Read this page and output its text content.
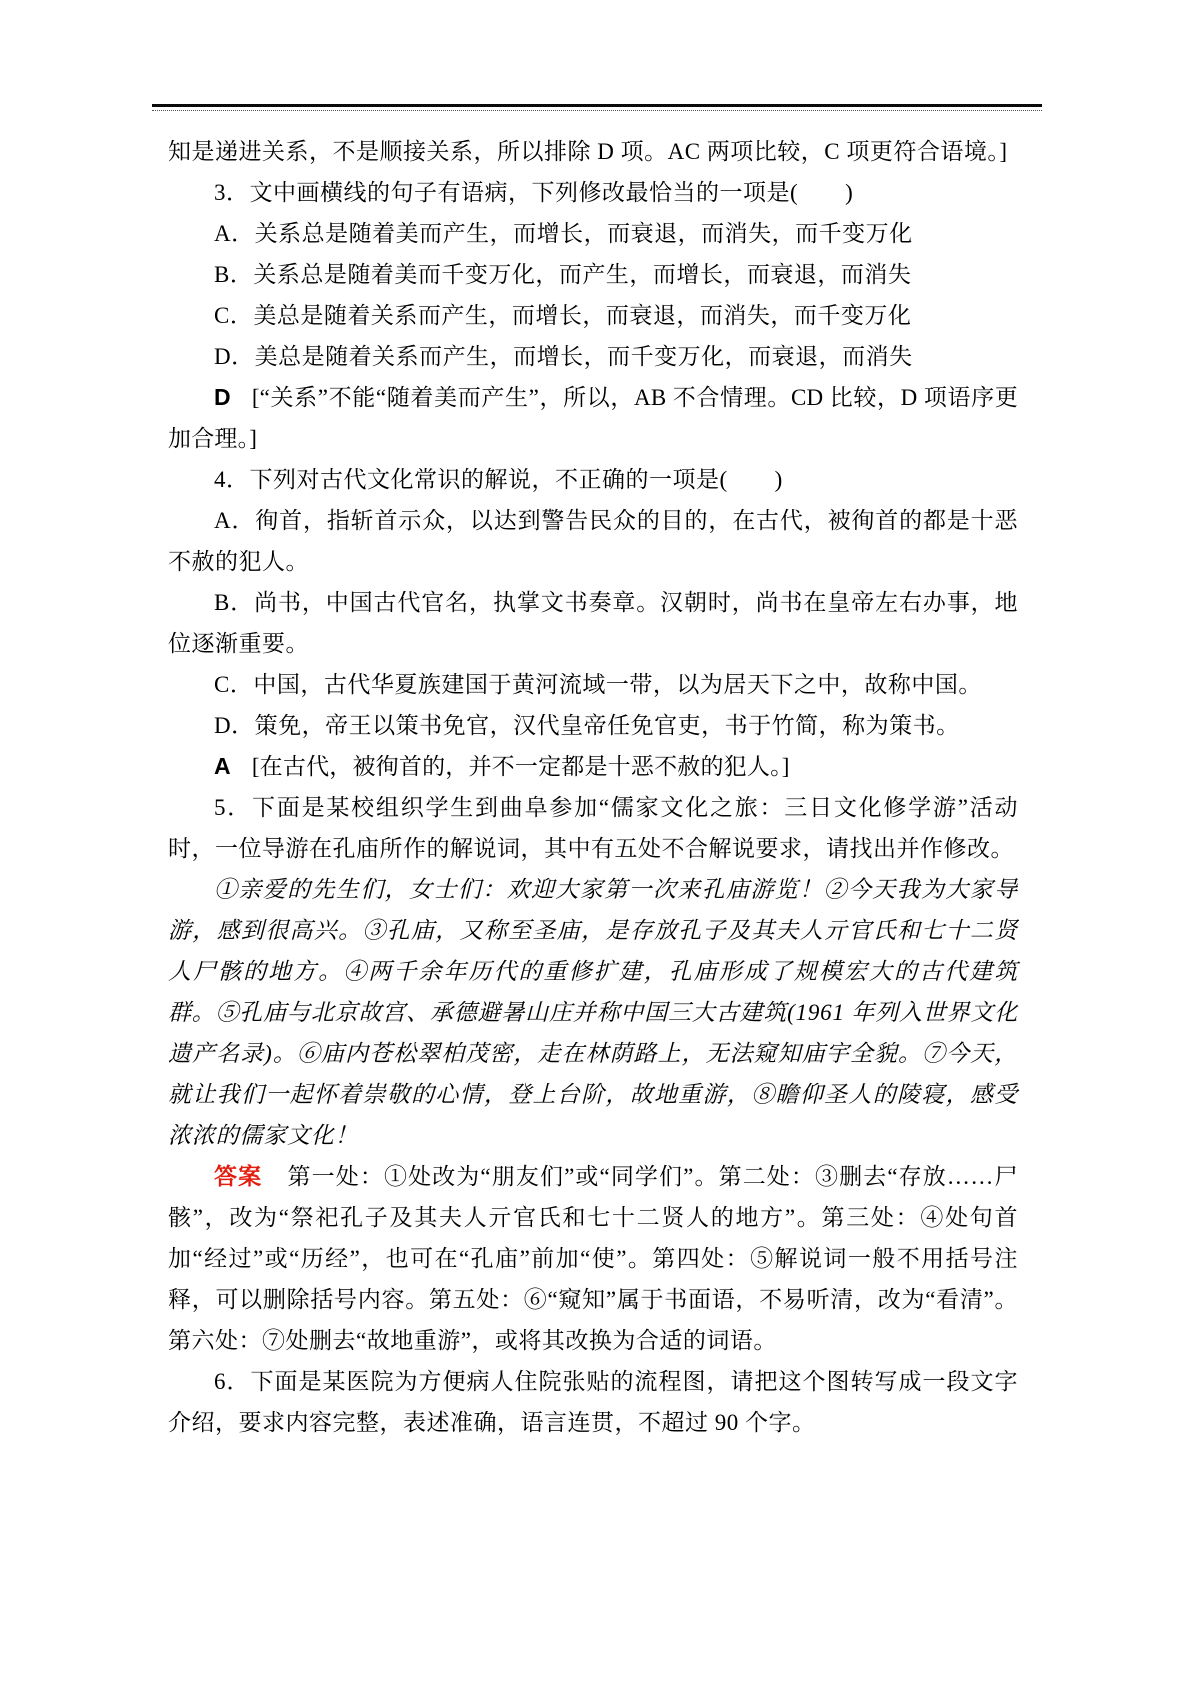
知是递进关系，不是顺接关系，所以排除 D 项。AC 两项比较，C 项更符合语境。]

3．文中画横线的句子有语病，下列修改最恰当的一项是(　　)

A．关系总是随着美而产生，而增长，而衰退，而消失，而千变万化

B．关系总是随着美而千变万化，而产生，而增长，而衰退，而消失

C．美总是随着关系而产生，而增长，而衰退，而消失，而千变万化

D．美总是随着关系而产生，而增长，而千变万化，而衰退，而消失

D [“关系”不能“随着美而产生”，所以，AB 不合情理。CD 比较，D 项语序更加合理。]

4．下列对古代文化常识的解说，不正确的一项是(　　)

A．徇首，指斩首示众，以达到警告民众的目的，在古代，被徇首的都是十恶不赦的犯人。

B．尚书，中国古代官名，执掌文书奏章。汉朝时，尚书在皇帝左右办事，地位逐渐重要。

C．中国，古代华夏族建国于黄河流域一带，以为居天下之中，故称中国。

D．策免，帝王以策书免官，汉代皇帝任免官吏，书于竹简，称为策书。

A [在古代，被徇首的，并不一定都是十恶不赦的犯人。]

5．下面是某校组织学生到曲阜参加“儒家文化之旅：三日文化修学游”活动时，一位导游在孔庙所作的解说词，其中有五处不合解说要求，请找出并作修改。

①亲爱的先生们，女士们：欢迎大家第一次来孔庙游览！②今天我为大家导游，感到很高兴。③孔庙，又称至圣庙，是存放孔子及其夫人亓官氏和七十二贤人尸骸的地方。④两千余年历代的重修扩建，孔庙形成了规模宏大的古代建筑群。⑤孔庙与北京故宫、承德避暑山庄并称中国三大古建筑(1961 年列入世界文化遗产名录)。⑥庙内苍松翠柏茂密，走在林荫路上，无法窥知庙宇全貌。⑦今天，就让我们一起怀着崇敬的心情，登上台阶，故地重游，⑧瞻仰圣人的陵寝，感受浓浓的儒家文化！

答案 第一处：①处改为“朋友们”或“同学们”。第二处：③删去“存放……尸骸”，改为“祭祀孔子及其夫人亓官氏和七十二贤人的地方”。第三处：④处句首加“经过”或“历经”，也可在“孔庙”前加“使”。第四处：⑤解说词一般不用括号注释，可以删除括号内容。第五处：⑥“窥知”属于书面语，不易听清，改为“看清”。第六处：⑦处删去“故地重游”，或将其改换为合适的词语。

6．下面是某医院为方便病人住院张贴的流程图，请把这个图转写成一段文字介绍，要求内容完整，表述准确，语言连贯，不超过 90 个字。
